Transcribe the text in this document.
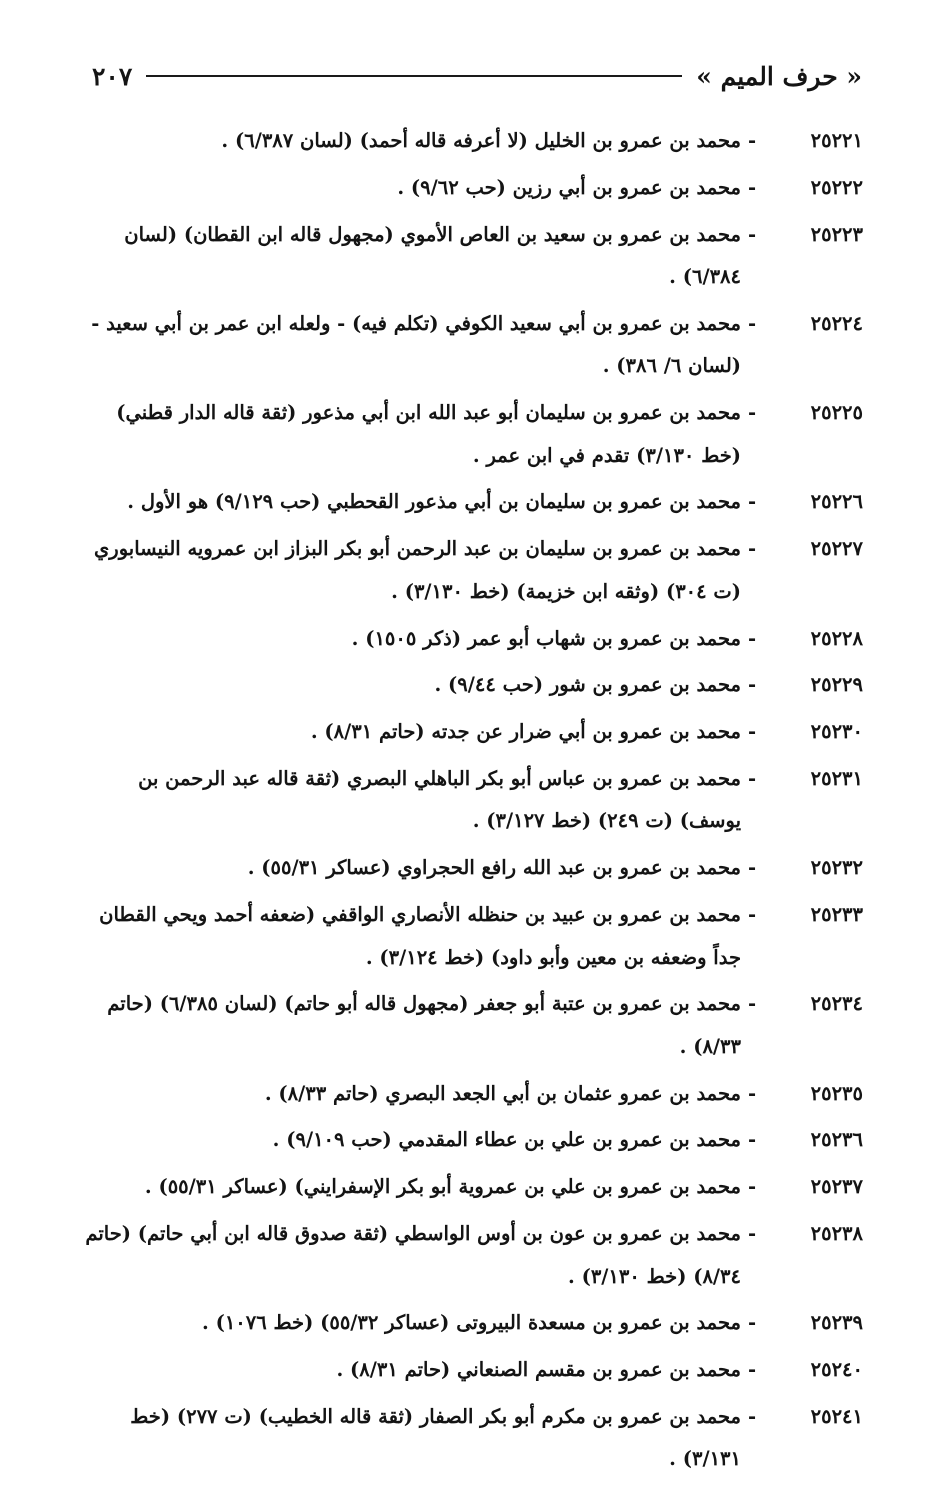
« حرف الميم »
٢٠٧
٢٥٢٢١
-
محمد بن عمرو بن الخليل (لا أعرفه قاله أحمد) (لسان ٦/٣٨٧) .
٢٥٢٢٢
-
محمد بن عمرو بن أبي رزين (حب ٩/٦٢) .
٢٥٢٢٣
-
محمد بن عمرو بن سعيد بن العاص الأموي (مجهول قاله ابن القطان) (لسان ٦/٣٨٤) .
٢٥٢٢٤
-
محمد بن عمرو بن أبي سعيد الكوفي (تكلم فيه) - ولعله ابن عمر بن أبي سعيد - (لسان ٦/ ٣٨٦) .
٢٥٢٢٥
-
محمد بن عمرو بن سليمان أبو عبد الله ابن أبي مذعور (ثقة قاله الدار قطني) (خط ٣/١٣٠) تقدم في ابن عمر .
٢٥٢٢٦
-
محمد بن عمرو بن سليمان بن أبي مذعور القحطبي (حب ٩/١٢٩) هو الأول .
٢٥٢٢٧
-
محمد بن عمرو بن سليمان بن عبد الرحمن أبو بكر البزاز ابن عمرويه النيسابوري (ت ٣٠٤) (وثقه ابن خزيمة) (خط ٣/١٣٠) .
٢٥٢٢٨
-
محمد بن عمرو بن شهاب أبو عمر (ذكر ١٥٠٥) .
٢٥٢٢٩
-
محمد بن عمرو بن شور (حب ٩/٤٤) .
٢٥٢٣٠
-
محمد بن عمرو بن أبي ضرار عن جدته (حاتم ٨/٣١) .
٢٥٢٣١
-
محمد بن عمرو بن عباس أبو بكر الباهلي البصري (ثقة قاله عبد الرحمن بن يوسف) (ت ٢٤٩) (خط ٣/١٢٧) .
٢٥٢٣٢
-
محمد بن عمرو بن عبد الله رافع الحجراوي (عساكر ٥٥/٣١) .
٢٥٢٣٣
-
محمد بن عمرو بن عبيد بن حنظله الأنصاري الواقفي (ضعفه أحمد ويحي القطان جداً وضعفه بن معين وأبو داود) (خط ٣/١٢٤) .
٢٥٢٣٤
-
محمد بن عمرو بن عتبة أبو جعفر (مجهول قاله أبو حاتم) (لسان ٦/٣٨٥) (حاتم ٨/٣٣) .
٢٥٢٣٥
-
محمد بن عمرو عثمان بن أبي الجعد البصري (حاتم ٨/٣٣) .
٢٥٢٣٦
-
محمد بن عمرو بن علي بن عطاء المقدمي (حب ٩/١٠٩) .
٢٥٢٣٧
-
محمد بن عمرو بن علي بن عمروية أبو بكر الإسفرايني) (عساكر ٥٥/٣١) .
٢٥٢٣٨
-
محمد بن عمرو بن عون بن أوس الواسطي (ثقة صدوق قاله ابن أبي حاتم) (حاتم ٨/٣٤) (خط ٣/١٣٠) .
٢٥٢٣٩
-
محمد بن عمرو بن مسعدة البيروتى (عساكر ٥٥/٣٢) (خط ١٠٧٦) .
٢٥٢٤٠
-
محمد بن عمرو بن مقسم الصنعاني (حاتم ٨/٣١) .
٢٥٢٤١
-
محمد بن عمرو بن مكرم أبو بكر الصفار (ثقة قاله الخطيب) (ت ٢٧٧) (خط ٣/١٣١) .
